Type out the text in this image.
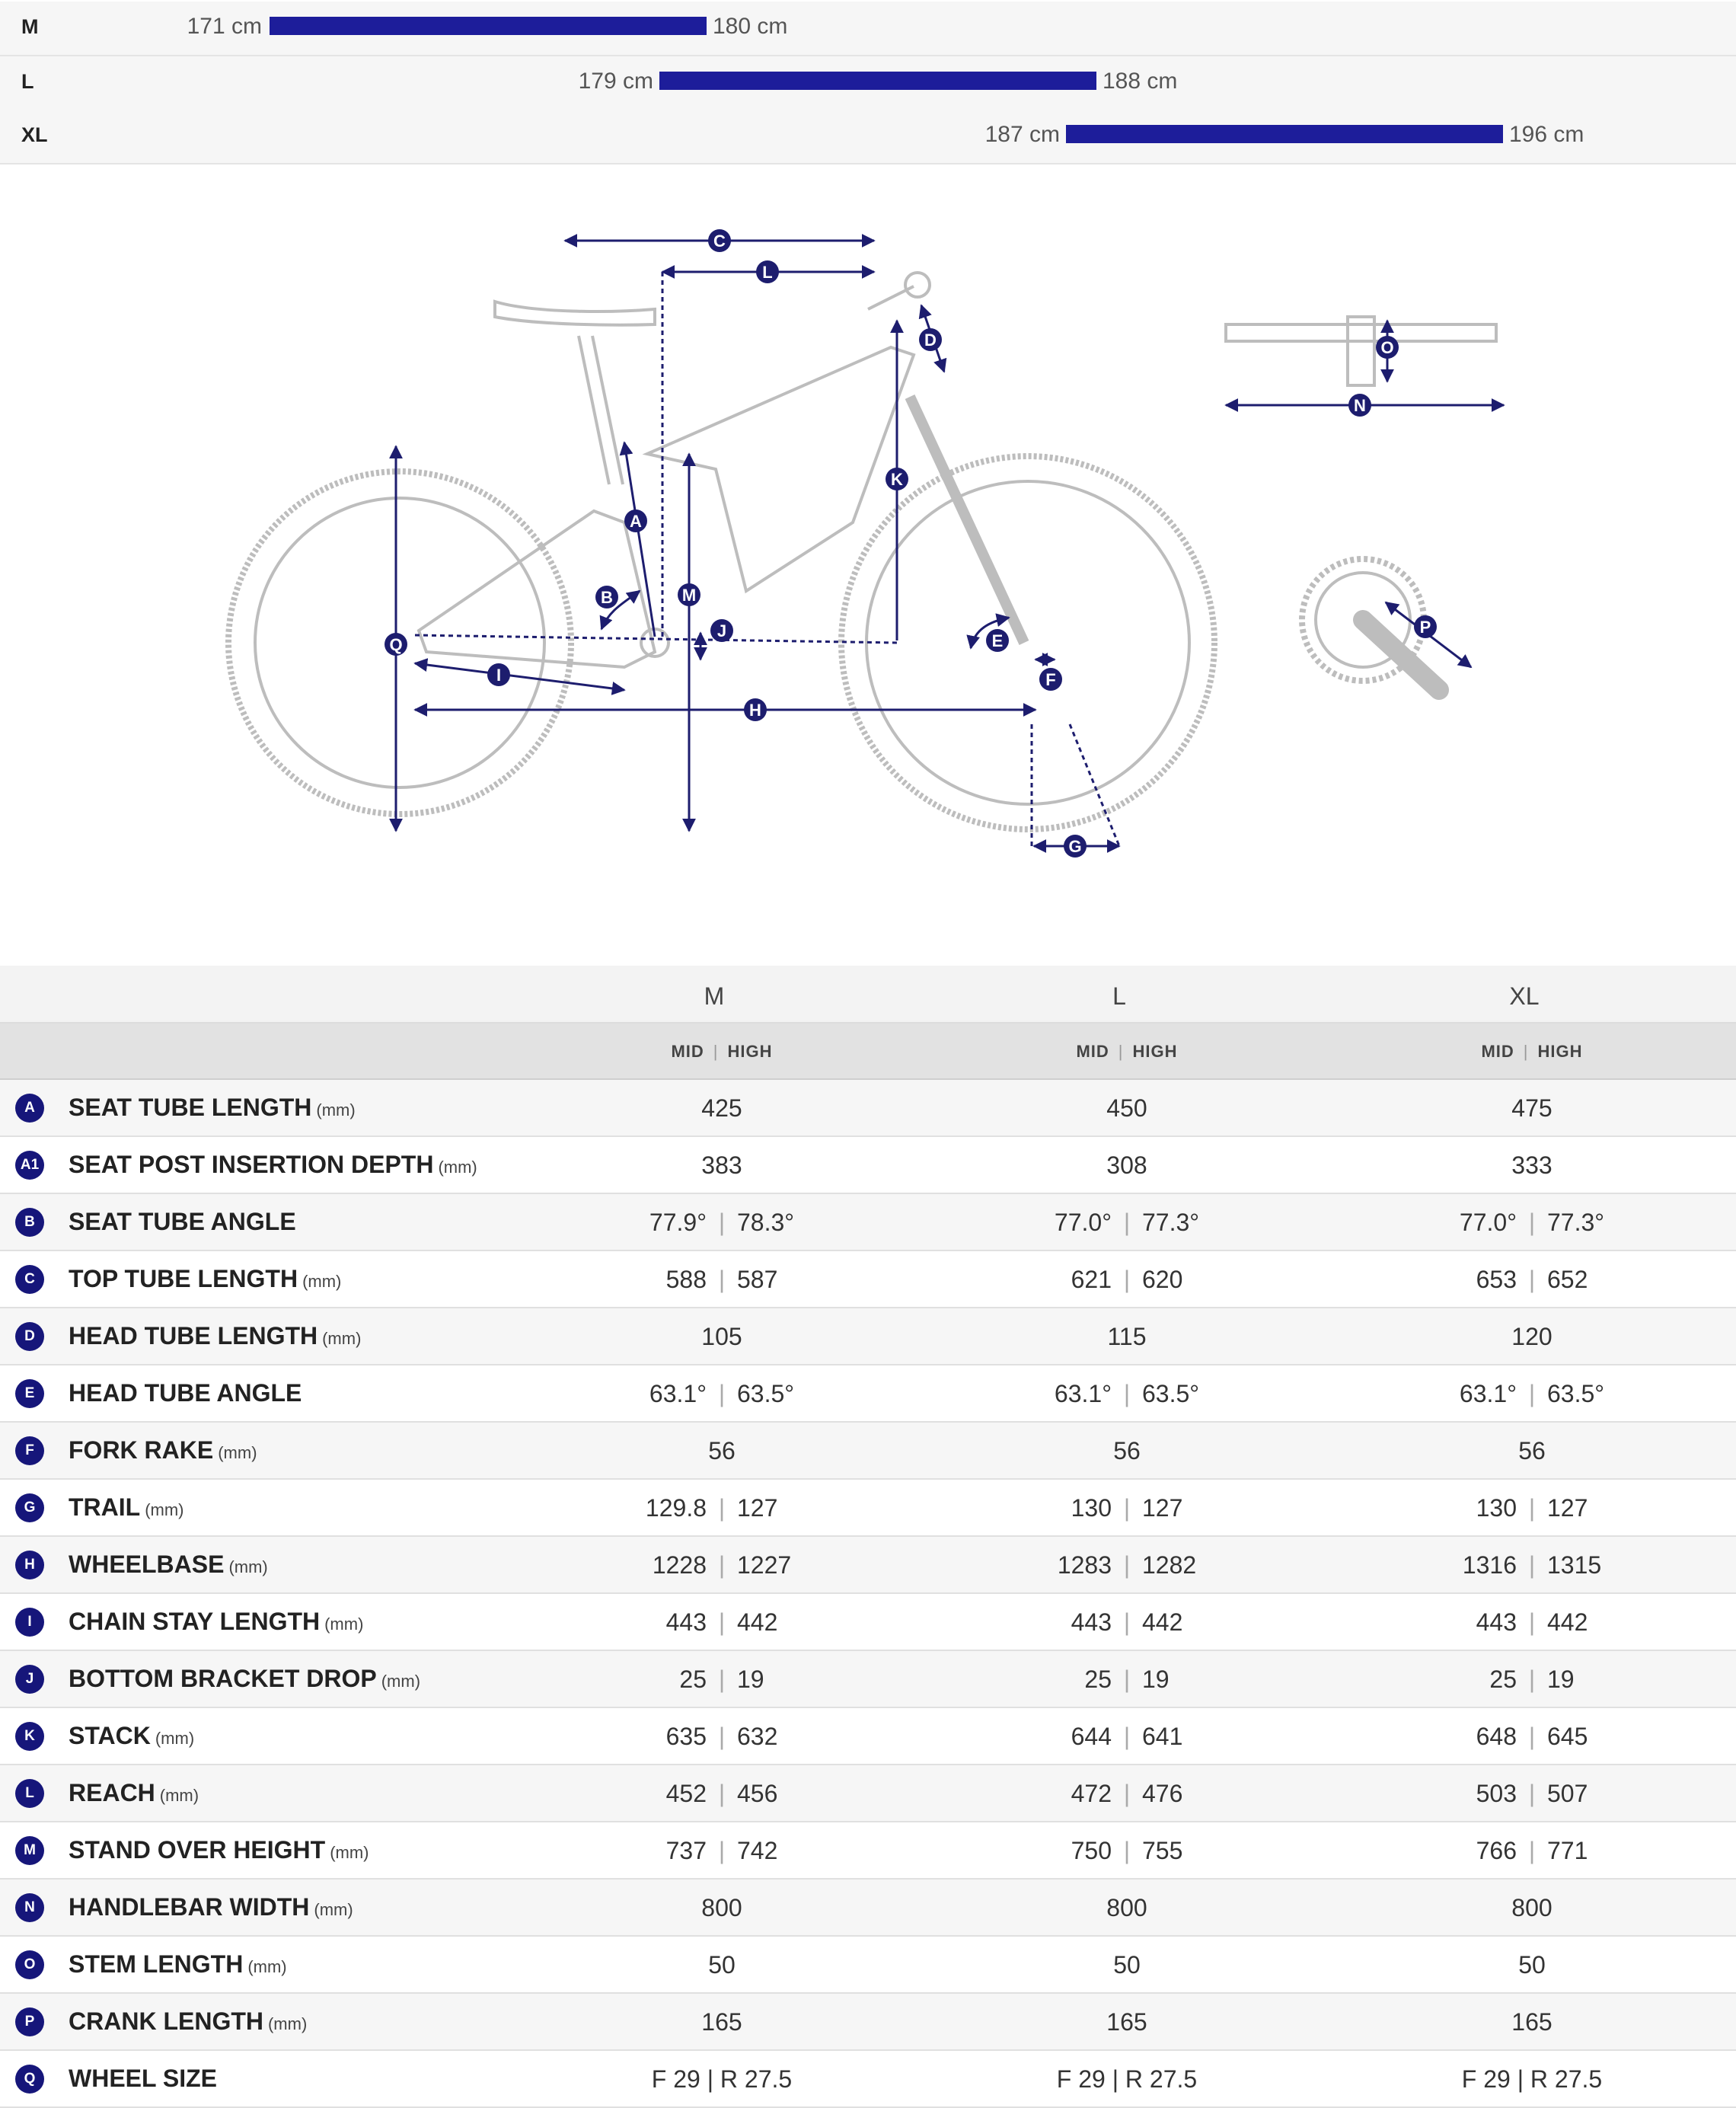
M	171 cm	180 cm
L	179 cm	188 cm
XL	187 cm	196 cm
C
L
D
K
A
M
B
J
E
F
Q
I
H
G
N
O
P
M	L	XL
MID | HIGH	MID | HIGH	MID | HIGH
A	SEAT TUBE LENGTH (mm)	425	450	475
A1 SEAT POST INSERTION DEPTH (mm)	383	308	333
B	SEAT TUBE ANGLE	77.9° | 78.3°	77.0° | 77.3°	77.0° | 77.3°
C	TOP TUBE LENGTH (mm)	588 | 587	621 | 620	653 | 652
D	HEAD TUBE LENGTH (mm)	105	115	120
E	HEAD TUBE ANGLE	63.1° | 63.5°	63.1° | 63.5°	63.1° | 63.5°
F	FORK RAKE (mm)	56	56	56
G	TRAIL (mm)	129.8 | 127	130 | 127	130 | 127
H	WHEELBASE (mm)	1228 | 1227	1283 | 1282	1316 | 1315
I	CHAIN STAY LENGTH (mm)	443 | 442	443 | 442	443 | 442
J	BOTTOM BRACKET DROP (mm)	25 | 19	25 | 19	25 | 19
K	STACK (mm)	635 | 632	644 | 641	648 | 645
L	REACH (mm)	452 | 456	472 | 476	503 | 507
M	STAND OVER HEIGHT (mm)	737 | 742	750 | 755	766 | 771
N	HANDLEBAR WIDTH (mm)	800	800	800
O	STEM LENGTH (mm)	50	50	50
P	CRANK LENGTH (mm)	165	165	165
Q	WHEEL SIZE	F 29 | R 27.5	F 29 | R 27.5	F 29 | R 27.5
